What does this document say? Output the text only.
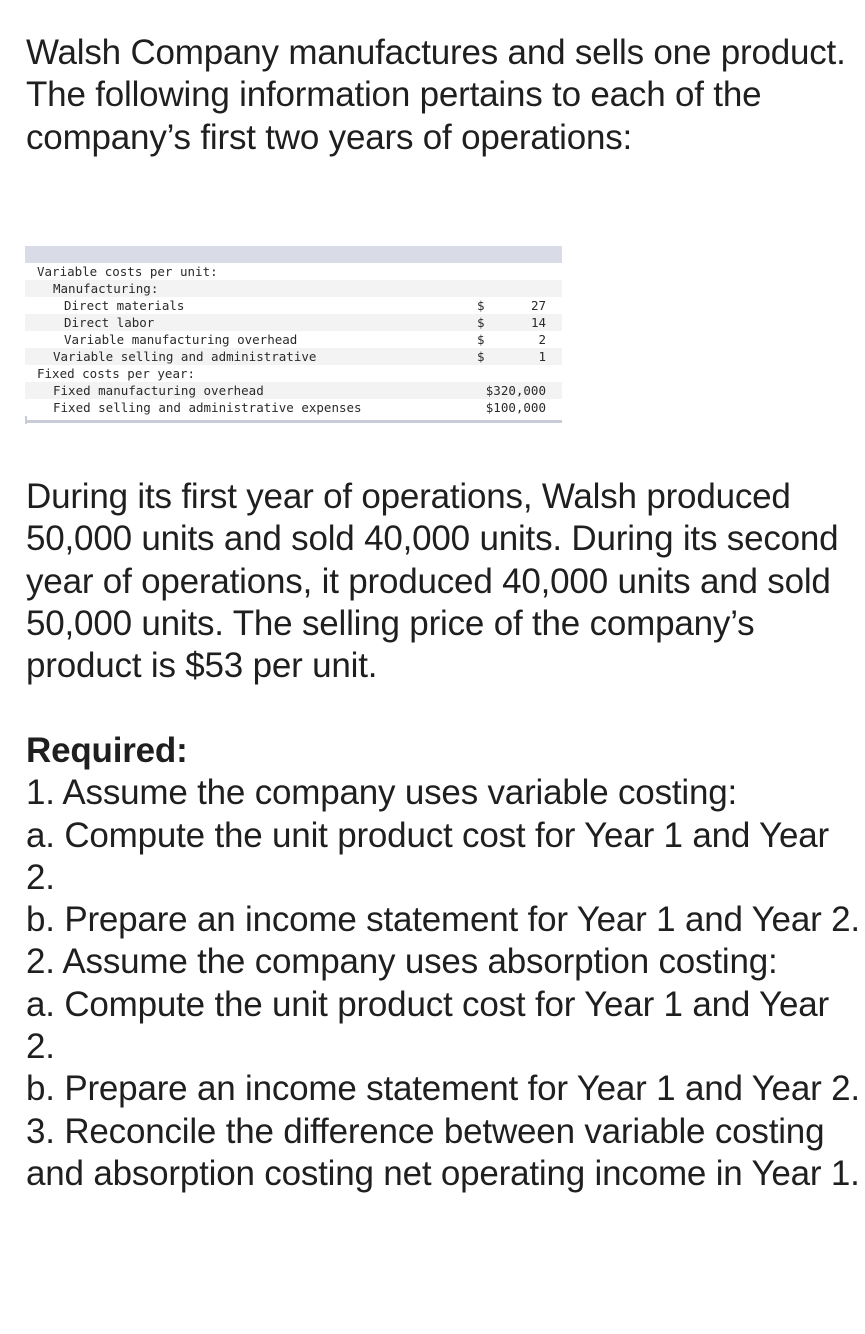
Walsh Company manufactures and sells one product. The following information pertains to each of the company’s first two years of operations:

Variable costs per unit:
Manufacturing:
Direct materials	$	27
Direct labor	$	14
Variable manufacturing overhead	$	2
Variable selling and administrative	$	1
Fixed costs per year:
Fixed manufacturing overhead	$320,000
Fixed selling and administrative expenses	$100,000

During its first year of operations, Walsh produced 50,000 units and sold 40,000 units. During its second year of operations, it produced 40,000 units and sold 50,000 units. The selling price of the company’s product is $53 per unit.

Required:
1. Assume the company uses variable costing:
a. Compute the unit product cost for Year 1 and Year 2.
b. Prepare an income statement for Year 1 and Year 2.
2. Assume the company uses absorption costing:
a. Compute the unit product cost for Year 1 and Year 2.
b. Prepare an income statement for Year 1 and Year 2.
3. Reconcile the difference between variable costing and absorption costing net operating income in Year 1.
